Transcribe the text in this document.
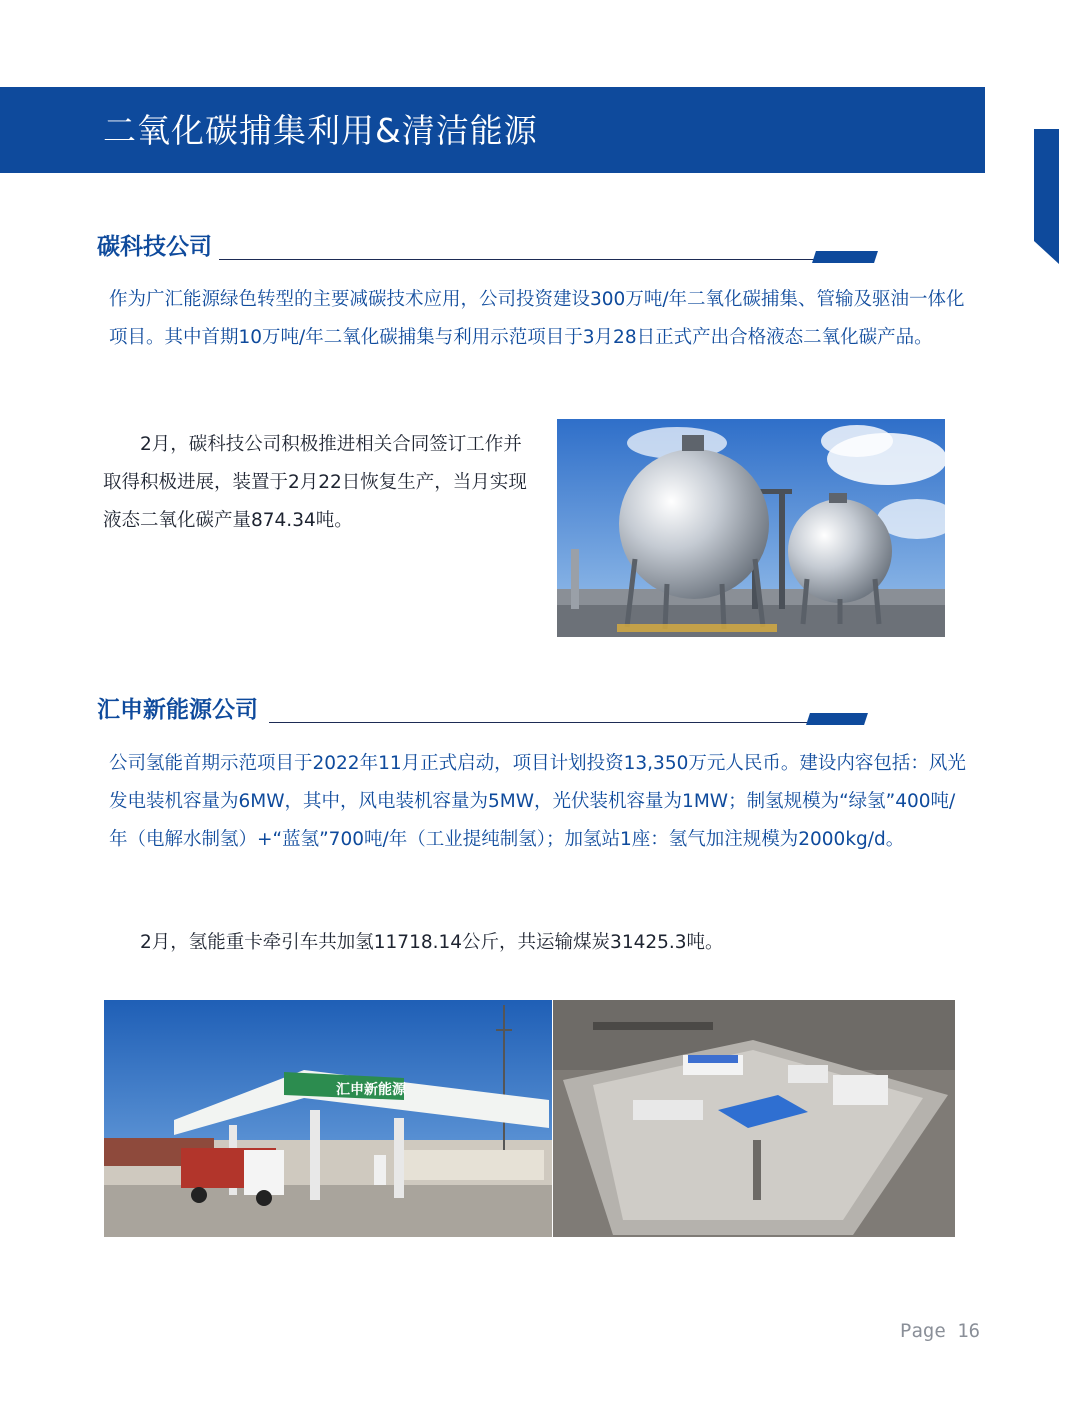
二氧化碳捕集利用&清洁能源
碳科技公司

作为广汇能源绿色转型的主要减碳技术应用，公司投资建设300万吨/年二氧化碳捕集、管输及驱油一体化项目。其中首期10万吨/年二氧化碳捕集与利用示范项目于3月28日正式产出合格液态二氧化碳产品。

2月，碳科技公司积极推进相关合同签订工作并取得积极进展，装置于2月22日恢复生产，当月实现液态二氧化碳产量874.34吨。

汇申新能源公司

公司氢能首期示范项目于2022年11月正式启动，项目计划投资13,350万元人民币。建设内容包括：风光发电装机容量为6MW，其中，风电装机容量为5MW，光伏装机容量为1MW；制氢规模为“绿氢”400吨/年（电解水制氢）+“蓝氢”700吨/年（工业提纯制氢）；加氢站1座：氢气加注规模为2000kg/d。

2月，氢能重卡牵引车共加氢11718.14公斤，共运输煤炭31425.3吨。

汇申新能源
Page 16
